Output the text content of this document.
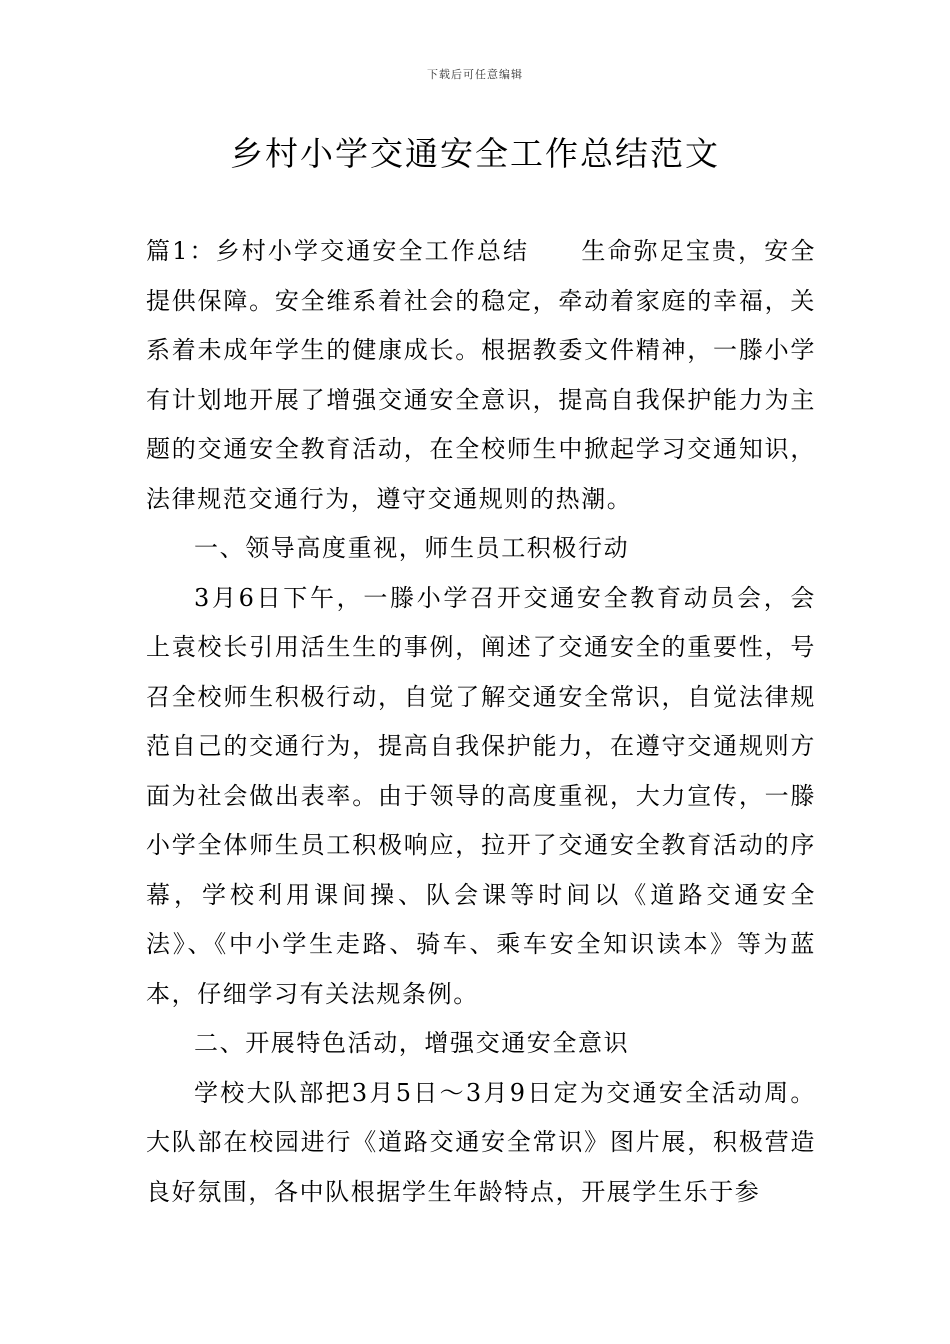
下载后可任意编辑
乡村小学交通安全工作总结范文

篇1：乡村小学交通安全工作总结　　生命弥足宝贵，安全提供保障。安全维系着社会的稳定，牵动着家庭的幸福，关系着未成年学生的健康成长。根据教委文件精神，一滕小学有计划地开展了增强交通安全意识，提高自我保护能力为主题的交通安全教育活动，在全校师生中掀起学习交通知识，法律规范交通行为，遵守交通规则的热潮。

一、领导高度重视，师生员工积极行动

3月6日下午，一滕小学召开交通安全教育动员会，会上袁校长引用活生生的事例，阐述了交通安全的重要性，号召全校师生积极行动，自觉了解交通安全常识，自觉法律规范自己的交通行为，提高自我保护能力，在遵守交通规则方面为社会做出表率。由于领导的高度重视，大力宣传，一滕小学全体师生员工积极响应，拉开了交通安全教育活动的序幕，学校利用课间操、队会课等时间以《道路交通安全法》、《中小学生走路、骑车、乘车安全知识读本》等为蓝本，仔细学习有关法规条例。

二、开展特色活动，增强交通安全意识

学校大队部把3月5日～3月9日定为交通安全活动周。大队部在校园进行《道路交通安全常识》图片展，积极营造良好氛围，各中队根据学生年龄特点，开展学生乐于参
